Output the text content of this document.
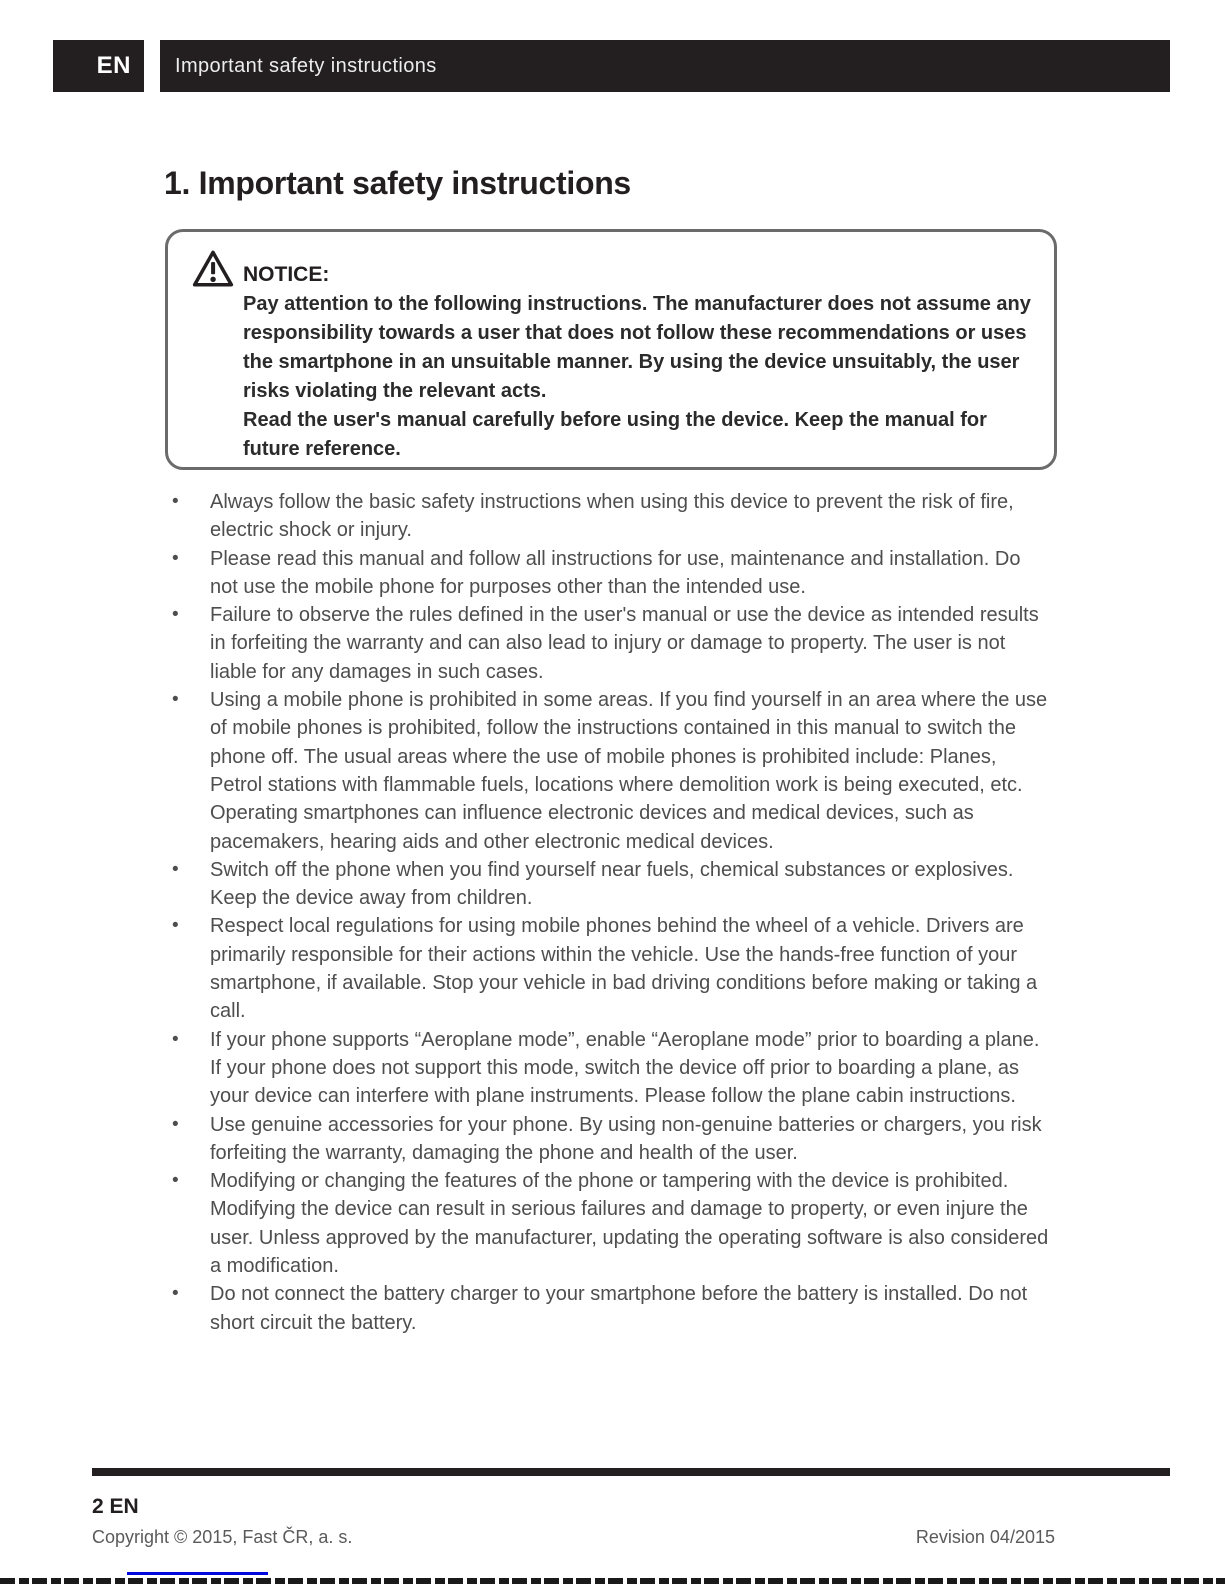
EN Important safety instructions
1. Important safety instructions
NOTICE:

Pay attention to the following instructions. The manufacturer does not assume any responsibility towards a user that does not follow these recommendations or uses the smartphone in an unsuitable manner. By using the device unsuitably, the user risks violating the relevant acts.

Read the user's manual carefully before using the device. Keep the manual for future reference.

• Always follow the basic safety instructions when using this device to prevent the risk of fire, electric shock or injury.
• Please read this manual and follow all instructions for use, maintenance and installation. Do not use the mobile phone for purposes other than the intended use.
• Failure to observe the rules defined in the user's manual or use the device as intended results in forfeiting the warranty and can also lead to injury or damage to property. The user is not liable for any damages in such cases.
• Using a mobile phone is prohibited in some areas. If you find yourself in an area where the use of mobile phones is prohibited, follow the instructions contained in this manual to switch the phone off. The usual areas where the use of mobile phones is prohibited include: Planes, Petrol stations with flammable fuels, locations where demolition work is being executed, etc. Operating smartphones can influence electronic devices and medical devices, such as pacemakers, hearing aids and other electronic medical devices.
• Switch off the phone when you find yourself near fuels, chemical substances or explosives. Keep the device away from children.
• Respect local regulations for using mobile phones behind the wheel of a vehicle. Drivers are primarily responsible for their actions within the vehicle. Use the hands-free function of your smartphone, if available. Stop your vehicle in bad driving conditions before making or taking a call.
• If your phone supports “Aeroplane mode”, enable “Aeroplane mode” prior to boarding a plane. If your phone does not support this mode, switch the device off prior to boarding a plane, as your device can interfere with plane instruments. Please follow the plane cabin instructions.
• Use genuine accessories for your phone. By using non-genuine batteries or chargers, you risk forfeiting the warranty, damaging the phone and health of the user.
• Modifying or changing the features of the phone or tampering with the device is prohibited. Modifying the device can result in serious failures and damage to property, or even injure the user. Unless approved by the manufacturer, updating the operating software is also considered a modification.
• Do not connect the battery charger to your smartphone before the battery is installed. Do not short circuit the battery.
2 EN
Copyright © 2015, Fast ČR, a. s.	Revision 04/2015
